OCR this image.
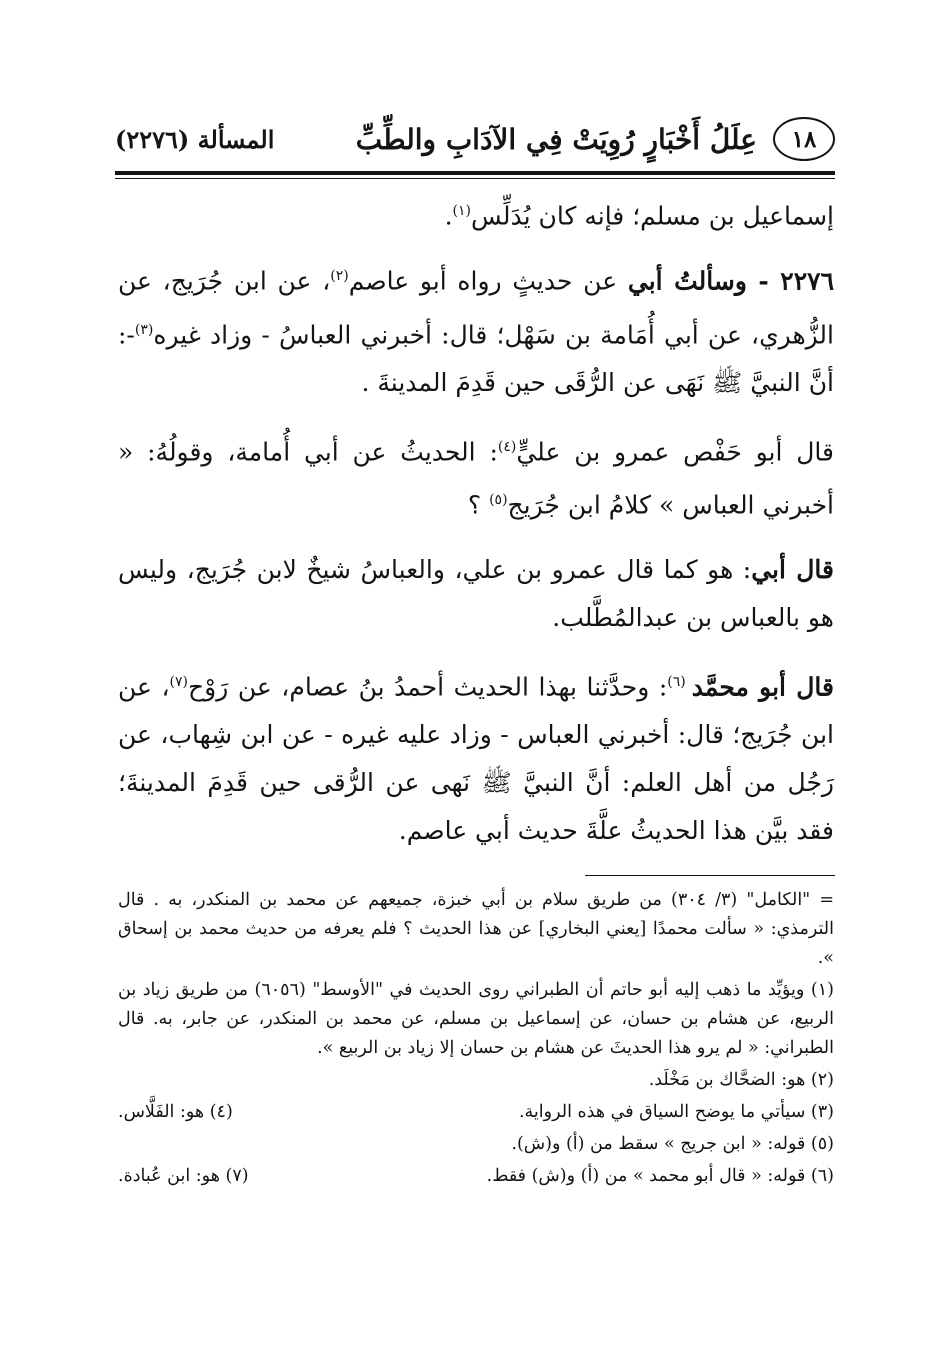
١٨
عِلَلُ أَخْبَارٍ رُوِيَتْ فِي الآدَابِ والطِّبِّ
المسألة (٢٢٧٦)

إسماعيل بن مسلم؛ فإنه كان يُدَلِّس$^{(١)}$.

٢٢٧٦ - وسألتُ أبي عن حديثٍ رواه أبو عاصم$^{(٢)}$، عن ابن جُرَيج، عن الزُّهري، عن أبي أُمَامة بن سَهْل؛ قال: أخبرني العباسُ - وزاد غيره$^{(٣)}$-: أنَّ النبيَّ ﷺ نَهَى عن الرُّقَى حين قَدِمَ المدينةَ .

قال أبو حَفْص عمرو بن عليٍّ$^{(٤)}$: الحديثُ عن أبي أُمامة، وقولُهُ: « أخبرني العباس » كلامُ ابن جُرَيج$^{(٥)}$ ؟

قال أبي: هو كما قال عمرو بن علي، والعباسُ شيخٌ لابن جُرَيج، وليس هو بالعباس بن عبدالمُطَّلب.

قال أبو محمَّد $^{(٦)}$: وحدَّثنا بهذا الحديث أحمدُ بنُ عصام، عن رَوْح$^{(٧)}$، عن ابن جُرَيج؛ قال: أخبرني العباس - وزاد عليه غيره - عن ابن شِهاب، عن رَجُل من أهل العلم: أنَّ النبيَّ ﷺ نَهى عن الرُّقى حين قَدِمَ المدينةَ؛ فقد بيَّن هذا الحديثُ علَّةَ حديث أبي عاصم.

= "الكامل" (٣/ ٣٠٤) من طريق سلام بن أبي خبزة، جميعهم عن محمد بن المنكدر، به . قال الترمذي: « سألت محمدًا [يعني البخاري] عن هذا الحديث ؟ فلم يعرفه من حديث محمد بن إسحاق ».
(١) ويؤيِّد ما ذهب إليه أبو حاتم أن الطبراني روى الحديث في "الأوسط" (٦٠٥٦) من طريق زياد بن الربيع، عن هشام بن حسان، عن إسماعيل بن مسلم، عن محمد بن المنكدر، عن جابر، به. قال الطبراني: « لم يرو هذا الحديثَ عن هشام بن حسان إلا زياد بن الربيع ».
(٢) هو: الضحَّاك بن مَخْلَد.
(٣) سيأتي ما يوضح السياق في هذه الرواية.
(٤) هو: الفَلَّاس.
(٥) قوله: « ابن جريج » سقط من (أ) و(ش).
(٦) قوله: « قال أبو محمد » من (أ) و(ش) فقط.
(٧) هو: ابن عُبادة.
